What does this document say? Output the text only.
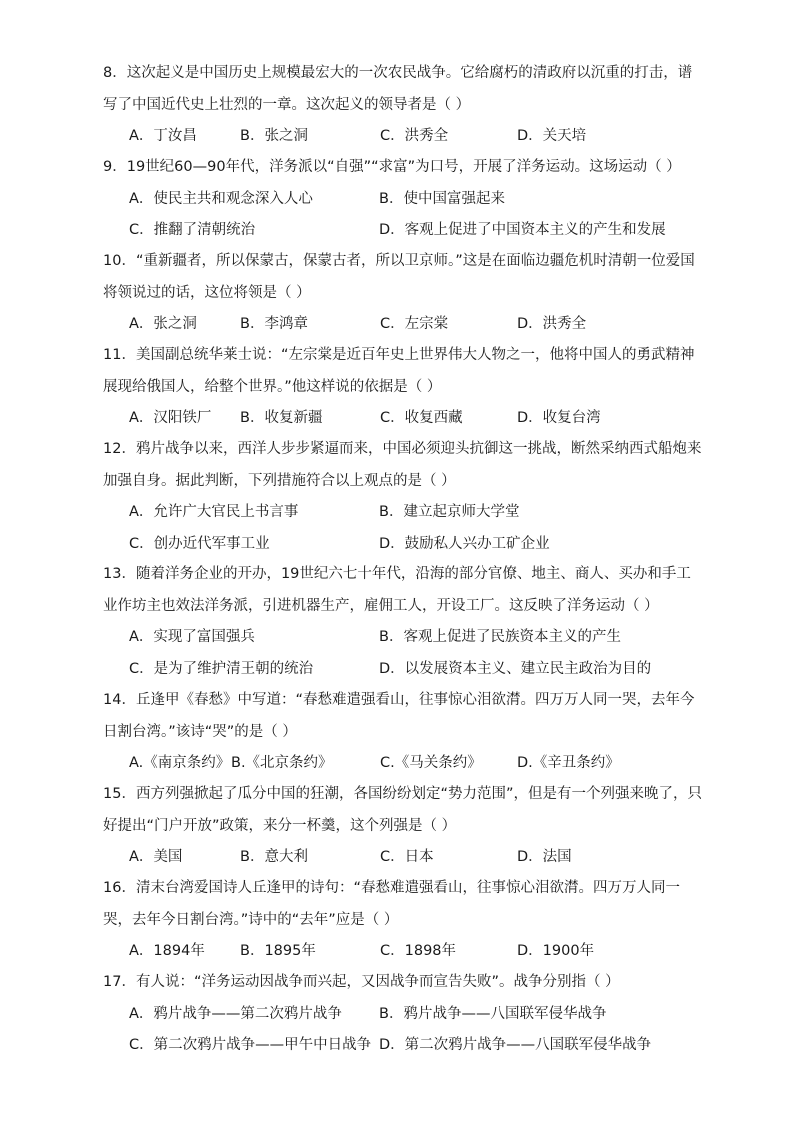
8．这次起义是中国历史上规模最宏大的一次农民战争。它给腐朽的清政府以沉重的打击，谱写了中国近代史上壮烈的一章。这次起义的领导者是（ ）

A．丁汝昌	B．张之洞	C．洪秀全	D．关天培

9．19世纪60—90年代，洋务派以“自强”“求富”为口号，开展了洋务运动。这场运动（ ）

A．使民主共和观念深入人心	B．使中国富强起来
C．推翻了清朝统治	D．客观上促进了中国资本主义的产生和发展

10．“重新疆者，所以保蒙古，保蒙古者，所以卫京师。”这是在面临边疆危机时清朝一位爱国将领说过的话，这位将领是（ ）

A．张之洞	B．李鸿章	C．左宗棠	D．洪秀全

11．美国副总统华莱士说：“左宗棠是近百年史上世界伟大人物之一，他将中国人的勇武精神展现给俄国人，给整个世界。”他这样说的依据是（ ）

A．汉阳铁厂 B．收复新疆	C．收复西藏	D．收复台湾

12．鸦片战争以来，西洋人步步紧逼而来，中国必须迎头抗御这一挑战，断然采纳西式船炮来加强自身。据此判断，下列措施符合以上观点的是（ ）

A．允许广大官民上书言事	B．建立起京师大学堂
C．创办近代军事工业	D．鼓励私人兴办工矿企业

13．随着洋务企业的开办，19世纪六七十年代，沿海的部分官僚、地主、商人、买办和手工业作坊主也效法洋务派，引进机器生产，雇佣工人，开设工厂。这反映了洋务运动（ ）

A．实现了富国强兵	B．客观上促进了民族资本主义的产生
C．是为了维护清王朝的统治	D．以发展资本主义、建立民主政治为目的

14．丘逢甲《春愁》中写道：“春愁难遣强看山，往事惊心泪欲潸。四万万人同一哭，去年今日割台湾。”该诗“哭”的是（ ）

A.《南京条约》 B.《北京条约》	C.《马关条约》 D.《辛丑条约》

15．西方列强掀起了瓜分中国的狂潮，各国纷纷划定“势力范围”，但是有一个列强来晚了，只好提出“门户开放”政策，来分一杯羹，这个列强是（ ）

A．美国	B．意大利	C．日本	D．法国

16．清末台湾爱国诗人丘逢甲的诗句：“春愁难遣强看山，往事惊心泪欲潸。四万万人同一哭，去年今日割台湾。”诗中的“去年”应是（ ）

A．1894年 B．1895年	C．1898年	D．1900年

17．有人说：“洋务运动因战争而兴起，又因战争而宣告失败”。战争分别指（ ）

A．鸦片战争——第二次鸦片战争	B．鸦片战争——八国联军侵华战争
C．第二次鸦片战争——甲午中日战争 D．第二次鸦片战争——八国联军侵华战争
